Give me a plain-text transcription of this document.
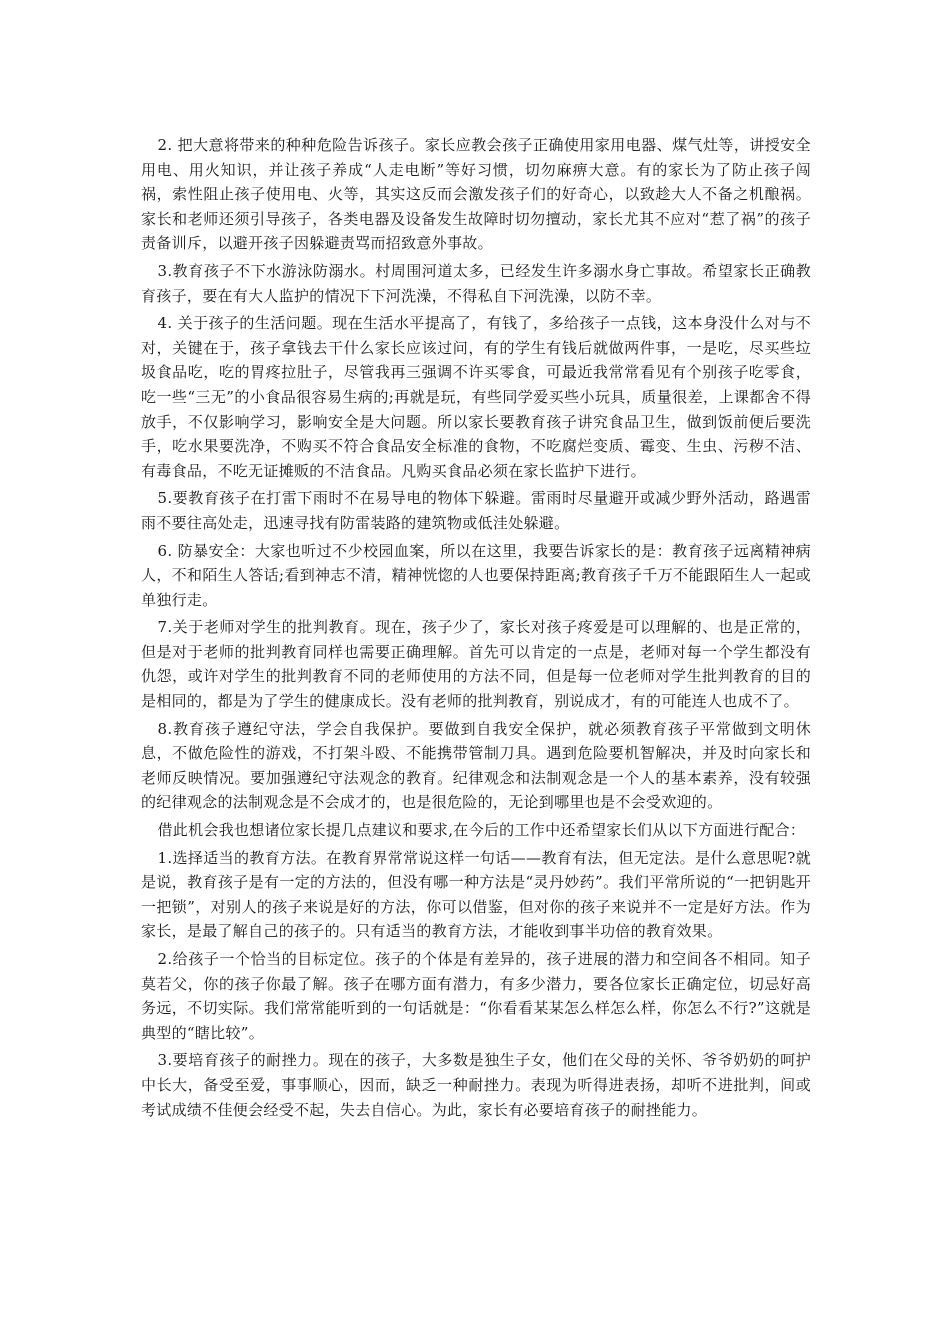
2. 把大意将带来的种种危险告诉孩子。家长应教会孩子正确使用家用电器、煤气灶等，讲授安全用电、用火知识，并让孩子养成“人走电断”等好习惯，切勿麻痹大意。有的家长为了防止孩子闯祸，索性阻止孩子使用电、火等，其实这反而会激发孩子们的好奇心，以致趁大人不备之机酿祸。家长和老师还须引导孩子，各类电器及设备发生故障时切勿擅动，家长尤其不应对“惹了祸”的孩子责备训斥，以避开孩子因躲避责骂而招致意外事故。

3.教育孩子不下水游泳防溺水。村周围河道太多，已经发生许多溺水身亡事故。希望家长正确教育孩子，要在有大人监护的情况下下河洗澡，不得私自下河洗澡，以防不幸。

4. 关于孩子的生活问题。现在生活水平提高了，有钱了，多给孩子一点钱，这本身没什么对与不对，关键在于，孩子拿钱去干什么家长应该过问，有的学生有钱后就做两件事，一是吃，尽买些垃圾食品吃，吃的胃疼拉肚子，尽管我再三强调不许买零食，可最近我常常看见有个别孩子吃零食，吃一些“三无”的小食品很容易生病的;再就是玩，有些同学爱买些小玩具，质量很差，上课都舍不得放手，不仅影响学习，影响安全是大问题。所以家长要教育孩子讲究食品卫生，做到饭前便后要洗手，吃水果要洗净，不购买不符合食品安全标准的食物，不吃腐烂变质、霉变、生虫、污秽不洁、有毒食品，不吃无证摊贩的不洁食品。凡购买食品必须在家长监护下进行。

5.要教育孩子在打雷下雨时不在易导电的物体下躲避。雷雨时尽量避开或减少野外活动，路遇雷雨不要往高处走，迅速寻找有防雷装路的建筑物或低洼处躲避。

6. 防暴安全：大家也听过不少校园血案，所以在这里，我要告诉家长的是：教育孩子远离精神病人，不和陌生人答话;看到神志不清，精神恍惚的人也要保持距离;教育孩子千万不能跟陌生人一起或单独行走。

7.关于老师对学生的批判教育。现在，孩子少了，家长对孩子疼爱是可以理解的、也是正常的，但是对于老师的批判教育同样也需要正确理解。首先可以肯定的一点是，老师对每一个学生都没有仇怨，或许对学生的批判教育不同的老师使用的方法不同，但是每一位老师对学生批判教育的目的是相同的，都是为了学生的健康成长。没有老师的批判教育，别说成才，有的可能连人也成不了。

8.教育孩子遵纪守法，学会自我保护。要做到自我安全保护，就必须教育孩子平常做到文明休息，不做危险性的游戏，不打架斗殴、不能携带管制刀具。遇到危险要机智解决，并及时向家长和老师反映情况。要加强遵纪守法观念的教育。纪律观念和法制观念是一个人的基本素养，没有较强的纪律观念的法制观念是不会成才的，也是很危险的，无论到哪里也是不会受欢迎的。

借此机会我也想诸位家长提几点建议和要求,在今后的工作中还希望家长们从以下方面进行配合：

1.选择适当的教育方法。在教育界常常说这样一句话——教育有法，但无定法。是什么意思呢?就是说，教育孩子是有一定的方法的，但没有哪一种方法是“灵丹妙药”。我们平常所说的“一把钥匙开一把锁”，对别人的孩子来说是好的方法，你可以借鉴，但对你的孩子来说并不一定是好方法。作为家长，是最了解自己的孩子的。只有适当的教育方法，才能收到事半功倍的教育效果。

2.给孩子一个恰当的目标定位。孩子的个体是有差异的，孩子进展的潜力和空间各不相同。知子莫若父，你的孩子你最了解。孩子在哪方面有潜力，有多少潜力，要各位家长正确定位，切忌好高务远，不切实际。我们常常能听到的一句话就是：“你看看某某怎么样怎么样，你怎么不行?”这就是典型的“瞎比较”。

3.要培育孩子的耐挫力。现在的孩子，大多数是独生子女，他们在父母的关怀、爷爷奶奶的呵护中长大，备受至爱，事事顺心，因而，缺乏一种耐挫力。表现为听得进表扬，却听不进批判，间或考试成绩不佳便会经受不起，失去自信心。为此，家长有必要培育孩子的耐挫能力。
